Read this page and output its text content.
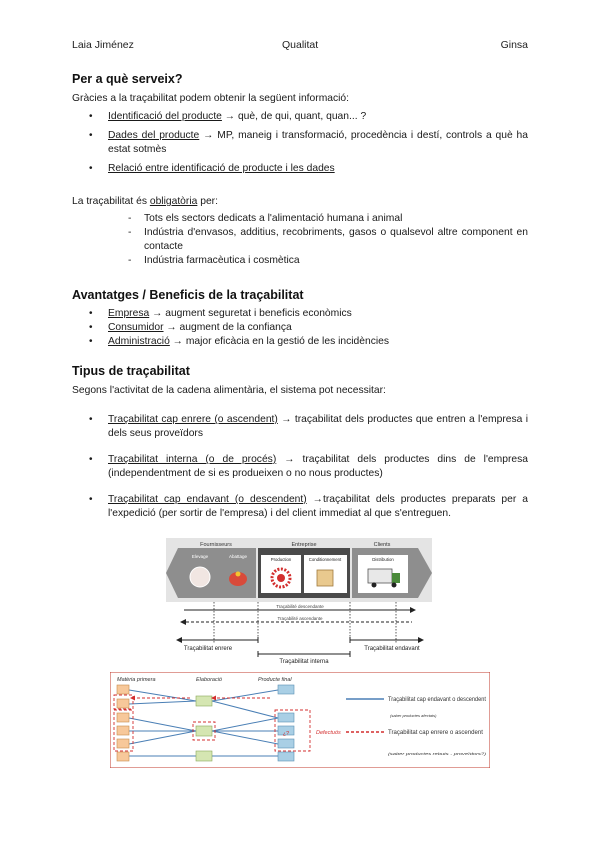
Laia Jiménez	Qualitat	Ginsa
Per a què serveix?

Gràcies a la traçabilitat podem obtenir la següent informació:

• Identificació del producte → què, de qui, quant, quan... ?
• Dades del producte → MP, maneig i transformació, procedència i destí, controls a què ha estat sotmès
• Relació entre identificació de producte i les dades

La traçabilitat és obligatòria per:

- Tots els sectors dedicats a l'alimentació humana i animal
- Indústria d'envasos, additius, recobriments, gasos o qualsevol altre component en contacte
- Indústria farmacèutica i cosmètica
Avantatges / Beneficis de la traçabilitat
• Empresa → augment seguretat i beneficis econòmics
• Consumidor → augment de la confiança
• Administració → major eficàcia en la gestió de les incidències
Tipus de traçabilitat

Segons l'activitat de la cadena alimentària, el sistema pot necessitar:

• Traçabilitat cap enrere (o ascendent) → traçabilitat dels productes que entren a l'empresa i dels seus proveïdors
• Traçabilitat interna (o de procés) → traçabilitat dels productes dins de l'empresa (independentment de si es produeixen o no nous productes)
• Traçabilitat cap endavant (o descendent) →traçabilitat dels productes preparats per a l'expedició (per sortir de l'empresa) i del client immediat al que s'entreguen.
Fournisseurs
Elevage	Abattage
Entreprise
Production	Conditionnement
Clients
Distribution
Traçabilité descendante
Traçabilité ascendante
Traçabilitat enrere
Traçabilitat interna
Traçabilitat endavant
Matèria primera	Elaboració	Producte final
¿?	Defectuós
Traçabilitat cap endavant o descendent
(saber productes afectats)
Traçabilitat cap enrere o ascendent
(saber productes rebuts - proveïdors?)
